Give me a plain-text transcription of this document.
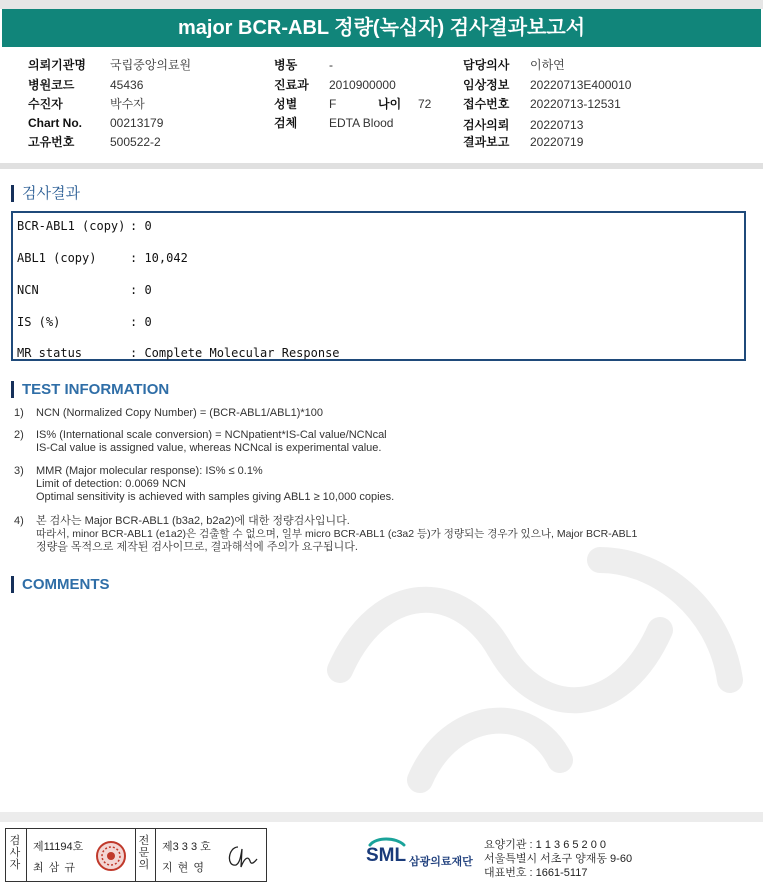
major BCR-ABL 정량(녹십자) 검사결과보고서
의뢰기관명 국립중앙의료원
병원코드	45436
수진자	박수자
Chart No. 00213179
고유번호	500522-2
병동	-
진료과 2010900000
성별	F	나이 72
검체	EDTA Blood
담당의사 이하연
임상정보 20220713E400010
접수번호 20220713-12531
검사의뢰 20220713
결과보고 20220719
검사결과
BCR-ABL1 (copy) : 0
ABL1 (copy)	: 10,042
NCN	: 0
IS (%)	: 0
MR status	: Complete Molecular Response
TEST INFORMATION
1) NCN (Normalized Copy Number) = (BCR-ABL1/ABL1)*100
2) IS% (International scale conversion) = NCNpatient*IS-Cal value/NCNcal
IS-Cal value is assigned value, whereas NCNcal is experimental value.
3) MMR (Major molecular response): IS% ≤ 0.1%
Limit of detection: 0.0069 NCN
Optimal sensitivity is achieved with samples giving ABL1 ≥ 10,000 copies.
4) 본 검사는 Major BCR-ABL1 (b3a2, b2a2)에 대한 정량검사입니다.
따라서, minor BCR-ABL1 (e1a2)은 검출할 수 없으며, 일부 micro BCR-ABL1 (c3a2 등)가 정량되는 경우가 있으나, Major BCR-ABL1
정량을 목적으로 제작된 검사이므로, 결과해석에 주의가 요구됩니다.
COMMENTS
검
사
자
제11194호
최 삼 규
전
문
의
제3 3 3 호
지 현 영
SML 삼광의료재단
요양기관 : 1 1 3 6 5 2 0 0
서울특별시 서초구 양재동 9-60
대표번호 : 1661-5117
